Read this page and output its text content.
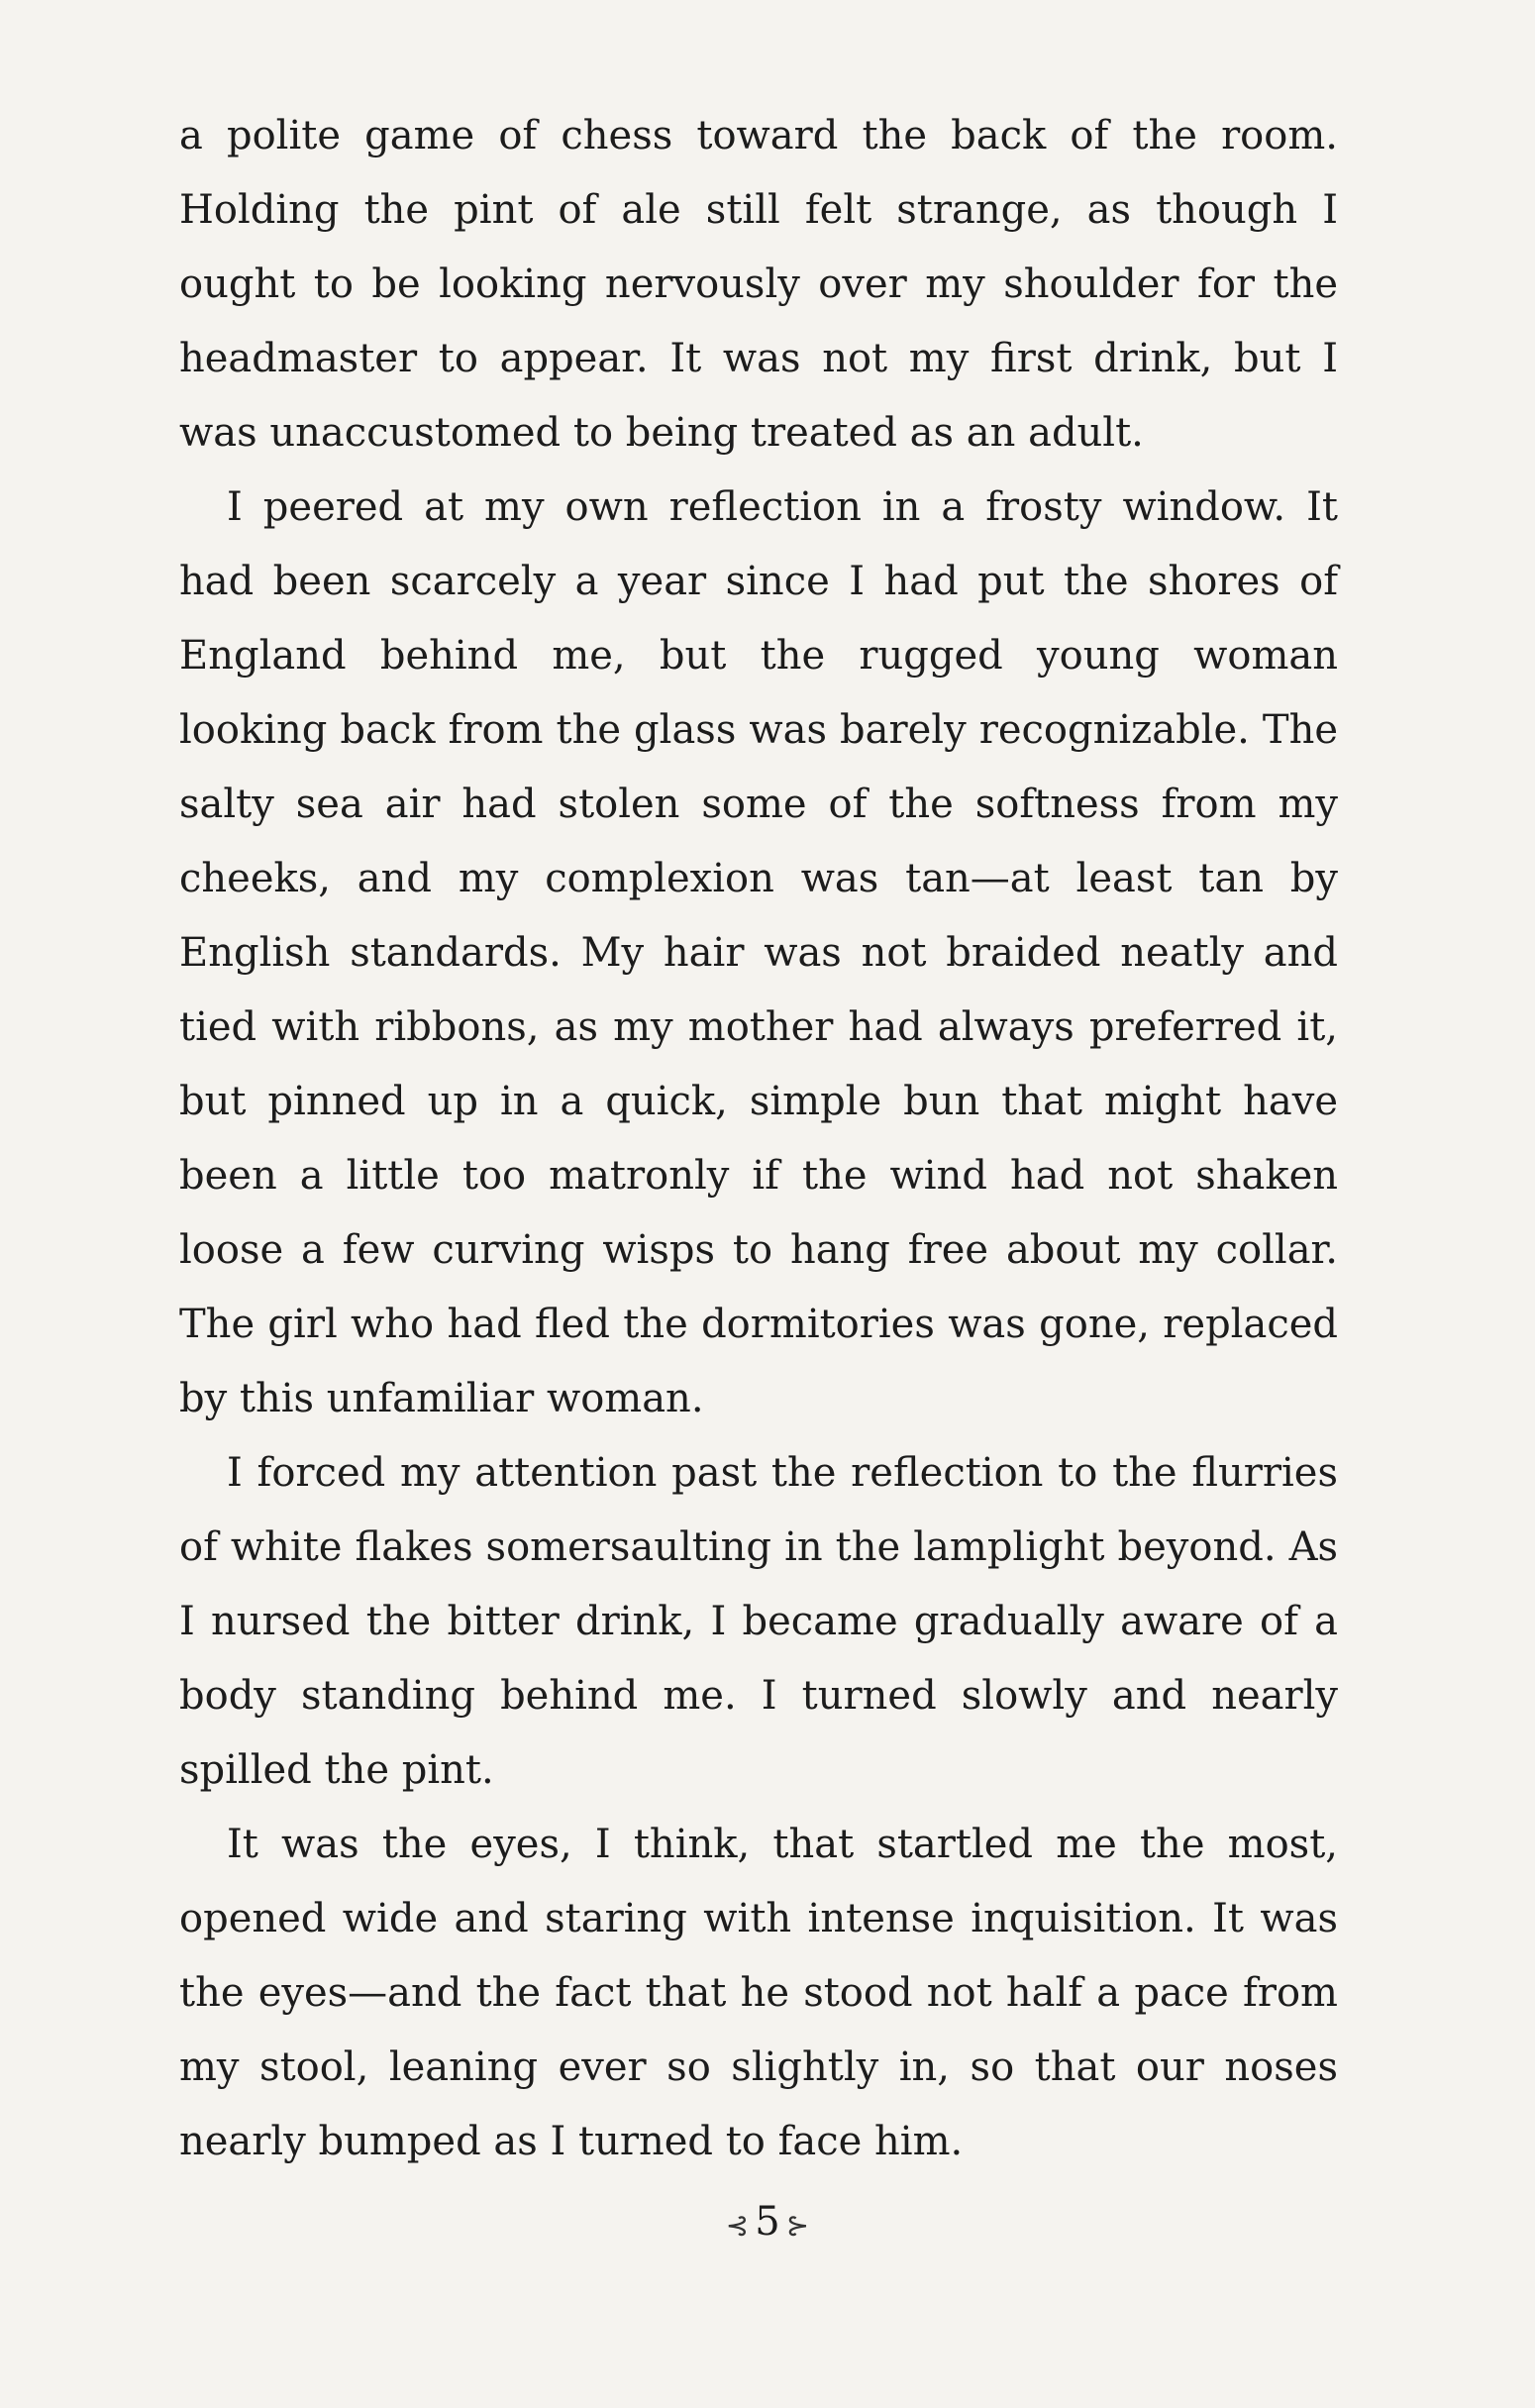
a polite game of chess toward the back of the room. Holding the pint of ale still felt strange, as though I ought to be looking nervously over my shoulder for the headmaster to appear. It was not my first drink, but I was unaccustomed to being treated as an adult.

I peered at my own reflection in a frosty window. It had been scarcely a year since I had put the shores of England behind me, but the rugged young woman looking back from the glass was barely recognizable. The salty sea air had stolen some of the softness from my cheeks, and my complexion was tan—at least tan by English standards. My hair was not braided neatly and tied with ribbons, as my mother had always preferred it, but pinned up in a quick, simple bun that might have been a little too matronly if the wind had not shaken loose a few curving wisps to hang free about my collar. The girl who had fled the dormitories was gone, replaced by this unfamiliar woman.

I forced my attention past the reflection to the flurries of white flakes somersaulting in the lamplight beyond. As I nursed the bitter drink, I became gradually aware of a body standing behind me. I turned slowly and nearly spilled the pint.

It was the eyes, I think, that startled me the most, opened wide and staring with intense inquisition. It was the eyes—and the fact that he stood not half a pace from my stool, leaning ever so slightly in, so that our noses nearly bumped as I turned to face him.

⊰ 5 ⊱
